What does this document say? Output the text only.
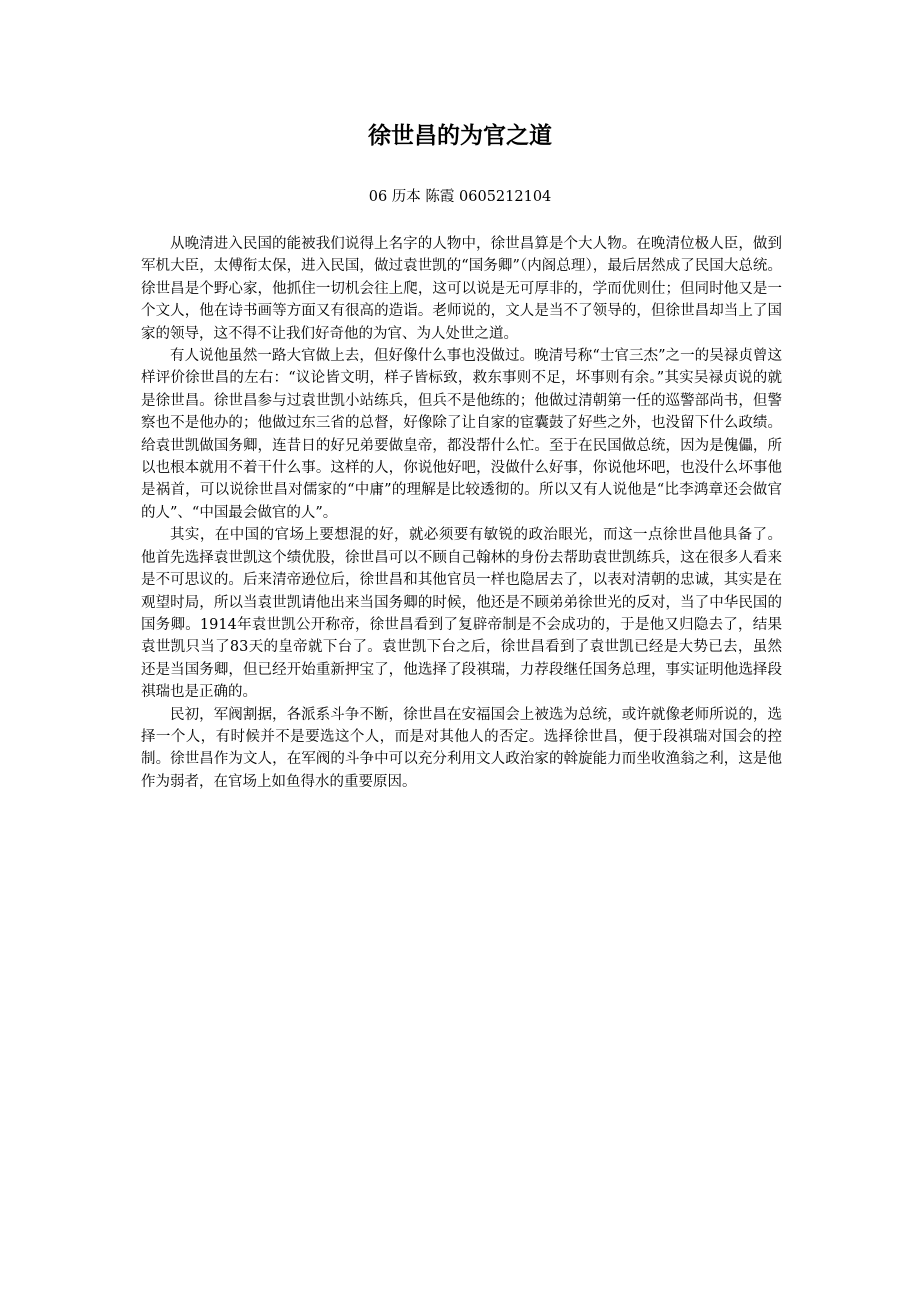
徐世昌的为官之道
06 历本 陈霞 0605212104

从晚清进入民国的能被我们说得上名字的人物中，徐世昌算是个大人物。在晚清位极人臣，做到军机大臣，太傅衔太保，进入民国，做过袁世凯的“国务卿”（内阁总理），最后居然成了民国大总统。徐世昌是个野心家，他抓住一切机会往上爬，这可以说是无可厚非的，学而优则仕；但同时他又是一个文人，他在诗书画等方面又有很高的造诣。老师说的，文人是当不了领导的，但徐世昌却当上了国家的领导，这不得不让我们好奇他的为官、为人处世之道。

有人说他虽然一路大官做上去，但好像什么事也没做过。晚清号称“士官三杰”之一的吴禄贞曾这样评价徐世昌的左右：“议论皆文明，样子皆标致，救东事则不足，坏事则有余。”其实吴禄贞说的就是徐世昌。徐世昌参与过袁世凯小站练兵，但兵不是他练的；他做过清朝第一任的巡警部尚书，但警察也不是他办的；他做过东三省的总督，好像除了让自家的宦囊鼓了好些之外，也没留下什么政绩。给袁世凯做国务卿，连昔日的好兄弟要做皇帝，都没帮什么忙。至于在民国做总统，因为是傀儡，所以也根本就用不着干什么事。这样的人，你说他好吧，没做什么好事，你说他坏吧，也没什么坏事他是祸首，可以说徐世昌对儒家的“中庸”的理解是比较透彻的。所以又有人说他是“比李鸿章还会做官的人”、“中国最会做官的人”。

其实，在中国的官场上要想混的好，就必须要有敏锐的政治眼光，而这一点徐世昌他具备了。 他首先选择袁世凯这个绩优股，徐世昌可以不顾自己翰林的身份去帮助袁世凯练兵，这在很多人看来是不可思议的。后来清帝逊位后，徐世昌和其他官员一样也隐居去了，以表对清朝的忠诚，其实是在观望时局，所以当袁世凯请他出来当国务卿的时候，他还是不顾弟弟徐世光的反对，当了中华民国的国务卿。1914年袁世凯公开称帝，徐世昌看到了复辟帝制是不会成功的，于是他又归隐去了，结果袁世凯只当了83天的皇帝就下台了。袁世凯下台之后，徐世昌看到了袁世凯已经是大势已去，虽然还是当国务卿，但已经开始重新押宝了，他选择了段祺瑞，力荐段继任国务总理，事实证明他选择段祺瑞也是正确的。

民初，军阀割据，各派系斗争不断，徐世昌在安福国会上被选为总统，或许就像老师所说的，选择一个人，有时候并不是要选这个人，而是对其他人的否定。选择徐世昌，便于段祺瑞对国会的控制。徐世昌作为文人，在军阀的斗争中可以充分利用文人政治家的斡旋能力而坐收渔翁之利，这是他作为弱者，在官场上如鱼得水的重要原因。
